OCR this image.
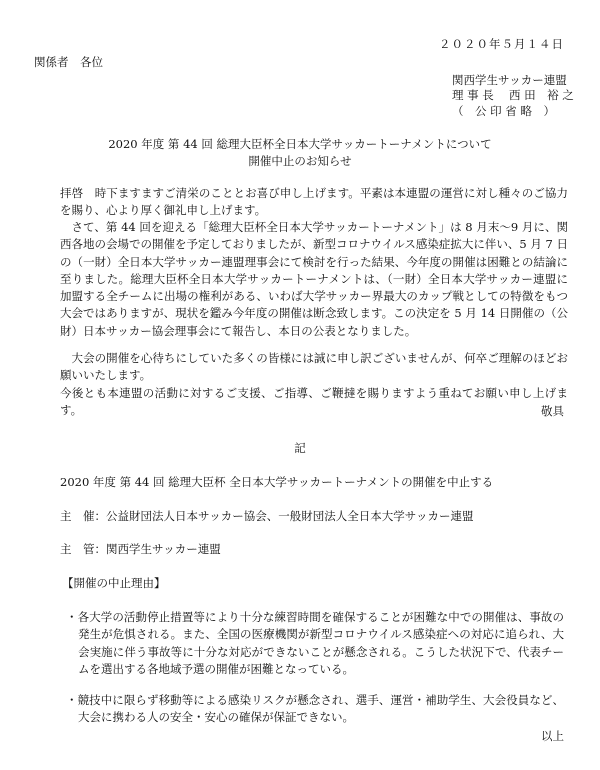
２０２０年５月１４日
関係者　各位
関西学生サッカー連盟
理 事 長　 西 田　裕 之
（　公 印 省 略　）
2020 年度 第 44 回 総理大臣杯全日本大学サッカートーナメントについて
開催中止のお知らせ
拝啓　時下ますますご清栄のこととお喜び申し上げます。平素は本連盟の運営に対し種々のご協力を賜り、心より厚く御礼申し上げます。
　さて、第 44 回を迎える「総理大臣杯全日本大学サッカートーナメント」は 8 月末〜9 月に、関西各地の会場での開催を予定しておりましたが、新型コロナウイルス感染症拡大に伴い、5 月 7 日の（一財）全日本大学サッカー連盟理事会にて検討を行った結果、今年度の開催は困難との結論に至りました。総理大臣杯全日本大学サッカートーナメントは、（一財）全日本大学サッカー連盟に加盟する全チームに出場の権利がある、いわば大学サッカー界最大のカップ戦としての特徴をもつ大会ではありますが、現状を鑑み今年度の開催は断念致します。この決定を 5 月 14 日開催の（公財）日本サッカー協会理事会にて報告し、本日の公表となりました。
　大会の開催を心待ちにしていた多くの皆様には誠に申し訳ございませんが、何卒ご理解のほどお願いいたします。
今後とも本連盟の活動に対するご支援、ご指導、ご鞭撻を賜りますよう重ねてお願い申し上げます。	敬具
記
2020 年度 第 44 回 総理大臣杯 全日本大学サッカートーナメントの開催を中止する
主　催：公益財団法人日本サッカー協会、一般財団法人全日本大学サッカー連盟
主　管：関西学生サッカー連盟
【開催の中止理由】
・各大学の活動停止措置等により十分な練習時間を確保することが困難な中での開催は、事故の発生が危惧される。また、全国の医療機関が新型コロナウイルス感染症への対応に追られ、大会実施に伴う事故等に十分な対応ができないことが懸念される。こうした状況下で、代表チームを選出する各地域予選の開催が困難となっている。
・競技中に限らず移動等による感染リスクが懸念され、選手、運営・補助学生、大会役員など、大会に携わる人の安全・安心の確保が保証できない。
以上
